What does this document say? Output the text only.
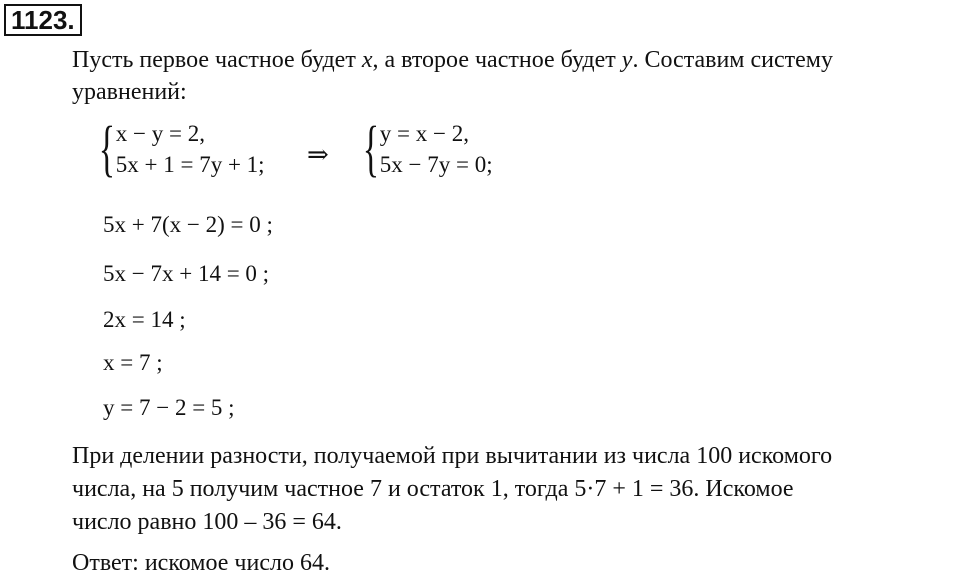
1123.
Пусть первое частное будет x, а второе частное будет y. Составим систему
уравнений:
{ x − y = 2,
5x + 1 = 7y + 1; ⇒ { y = x − 2,
5x − 7y = 0;
5x + 7(x − 2) = 0 ;
5x − 7x + 14 = 0 ;
2x = 14 ;
x = 7 ;
y = 7 − 2 = 5 ;
При делении разности, получаемой при вычитании из числа 100 искомого
числа, на 5 получим частное 7 и остаток 1, тогда 5·7 + 1 = 36. Искомое
число равно 100 – 36 = 64.
Ответ: искомое число 64.
